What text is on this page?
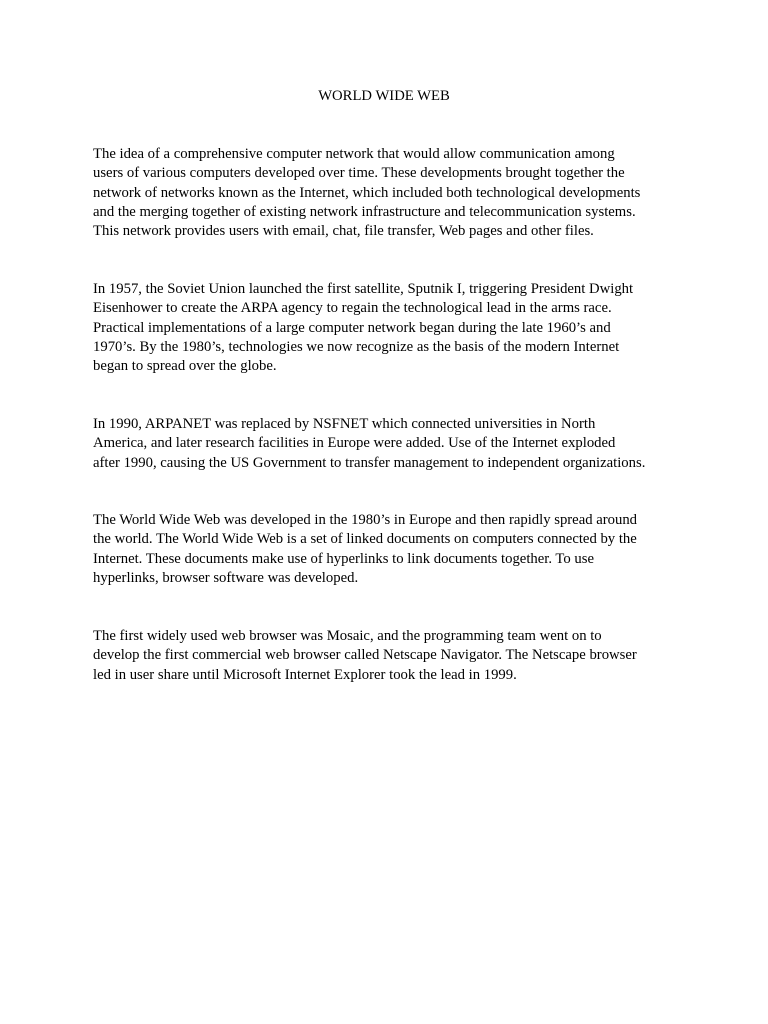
WORLD WIDE WEB

The idea of a comprehensive computer network that would allow communication among
users of various computers developed over time. These developments brought together the
network of networks known as the Internet, which included both technological developments
and the merging together of existing network infrastructure and telecommunication systems.
This network provides users with email, chat, file transfer, Web pages and other files.

In 1957, the Soviet Union launched the first satellite, Sputnik I, triggering President Dwight
Eisenhower to create the ARPA agency to regain the technological lead in the arms race.
Practical implementations of a large computer network began during the late 1960’s and
1970’s. By the 1980’s, technologies we now recognize as the basis of the modern Internet
began to spread over the globe.

In 1990, ARPANET was replaced by NSFNET which connected universities in North
America, and later research facilities in Europe were added. Use of the Internet exploded
after 1990, causing the US Government to transfer management to independent organizations.

The World Wide Web was developed in the 1980’s in Europe and then rapidly spread around
the world. The World Wide Web is a set of linked documents on computers connected by the
Internet. These documents make use of hyperlinks to link documents together. To use
hyperlinks, browser software was developed.

The first widely used web browser was Mosaic, and the programming team went on to
develop the first commercial web browser called Netscape Navigator. The Netscape browser
led in user share until Microsoft Internet Explorer took the lead in 1999.
